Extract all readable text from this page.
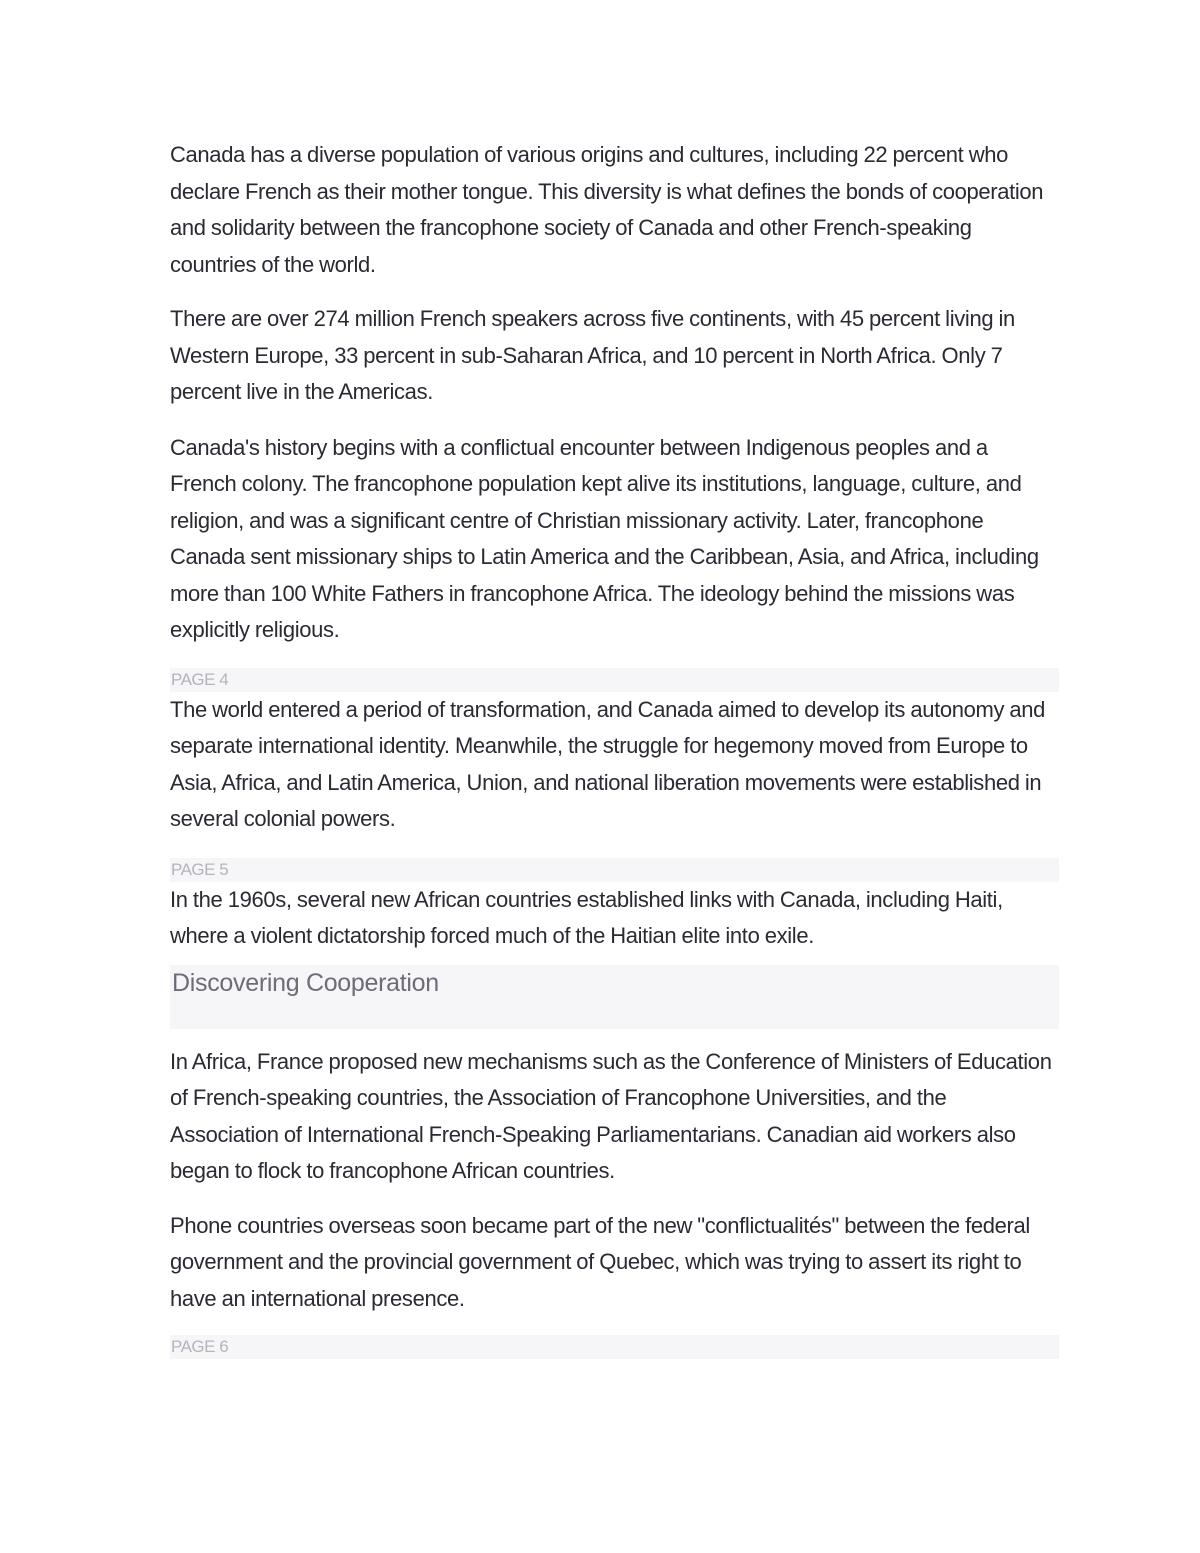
Canada has a diverse population of various origins and cultures, including 22 percent who declare French as their mother tongue. This diversity is what defines the bonds of cooperation and solidarity between the francophone society of Canada and other French-speaking countries of the world.

There are over 274 million French speakers across five continents, with 45 percent living in Western Europe, 33 percent in sub-Saharan Africa, and 10 percent in North Africa. Only 7 percent live in the Americas.

Canada's history begins with a conflictual encounter between Indigenous peoples and a French colony. The francophone population kept alive its institutions, language, culture, and religion, and was a significant centre of Christian missionary activity. Later, francophone Canada sent missionary ships to Latin America and the Caribbean, Asia, and Africa, including more than 100 White Fathers in francophone Africa. The ideology behind the missions was explicitly religious.

PAGE 4

The world entered a period of transformation, and Canada aimed to develop its autonomy and separate international identity. Meanwhile, the struggle for hegemony moved from Europe to Asia, Africa, and Latin America, Union, and national liberation movements were established in several colonial powers.

PAGE 5

In the 1960s, several new African countries established links with Canada, including Haiti, where a violent dictatorship forced much of the Haitian elite into exile.

Discovering Cooperation

In Africa, France proposed new mechanisms such as the Conference of Ministers of Education of French-speaking countries, the Association of Francophone Universities, and the Association of International French-Speaking Parliamentarians. Canadian aid workers also began to flock to francophone African countries.

Phone countries overseas soon became part of the new "conflictualités" between the federal government and the provincial government of Quebec, which was trying to assert its right to have an international presence.

PAGE 6
